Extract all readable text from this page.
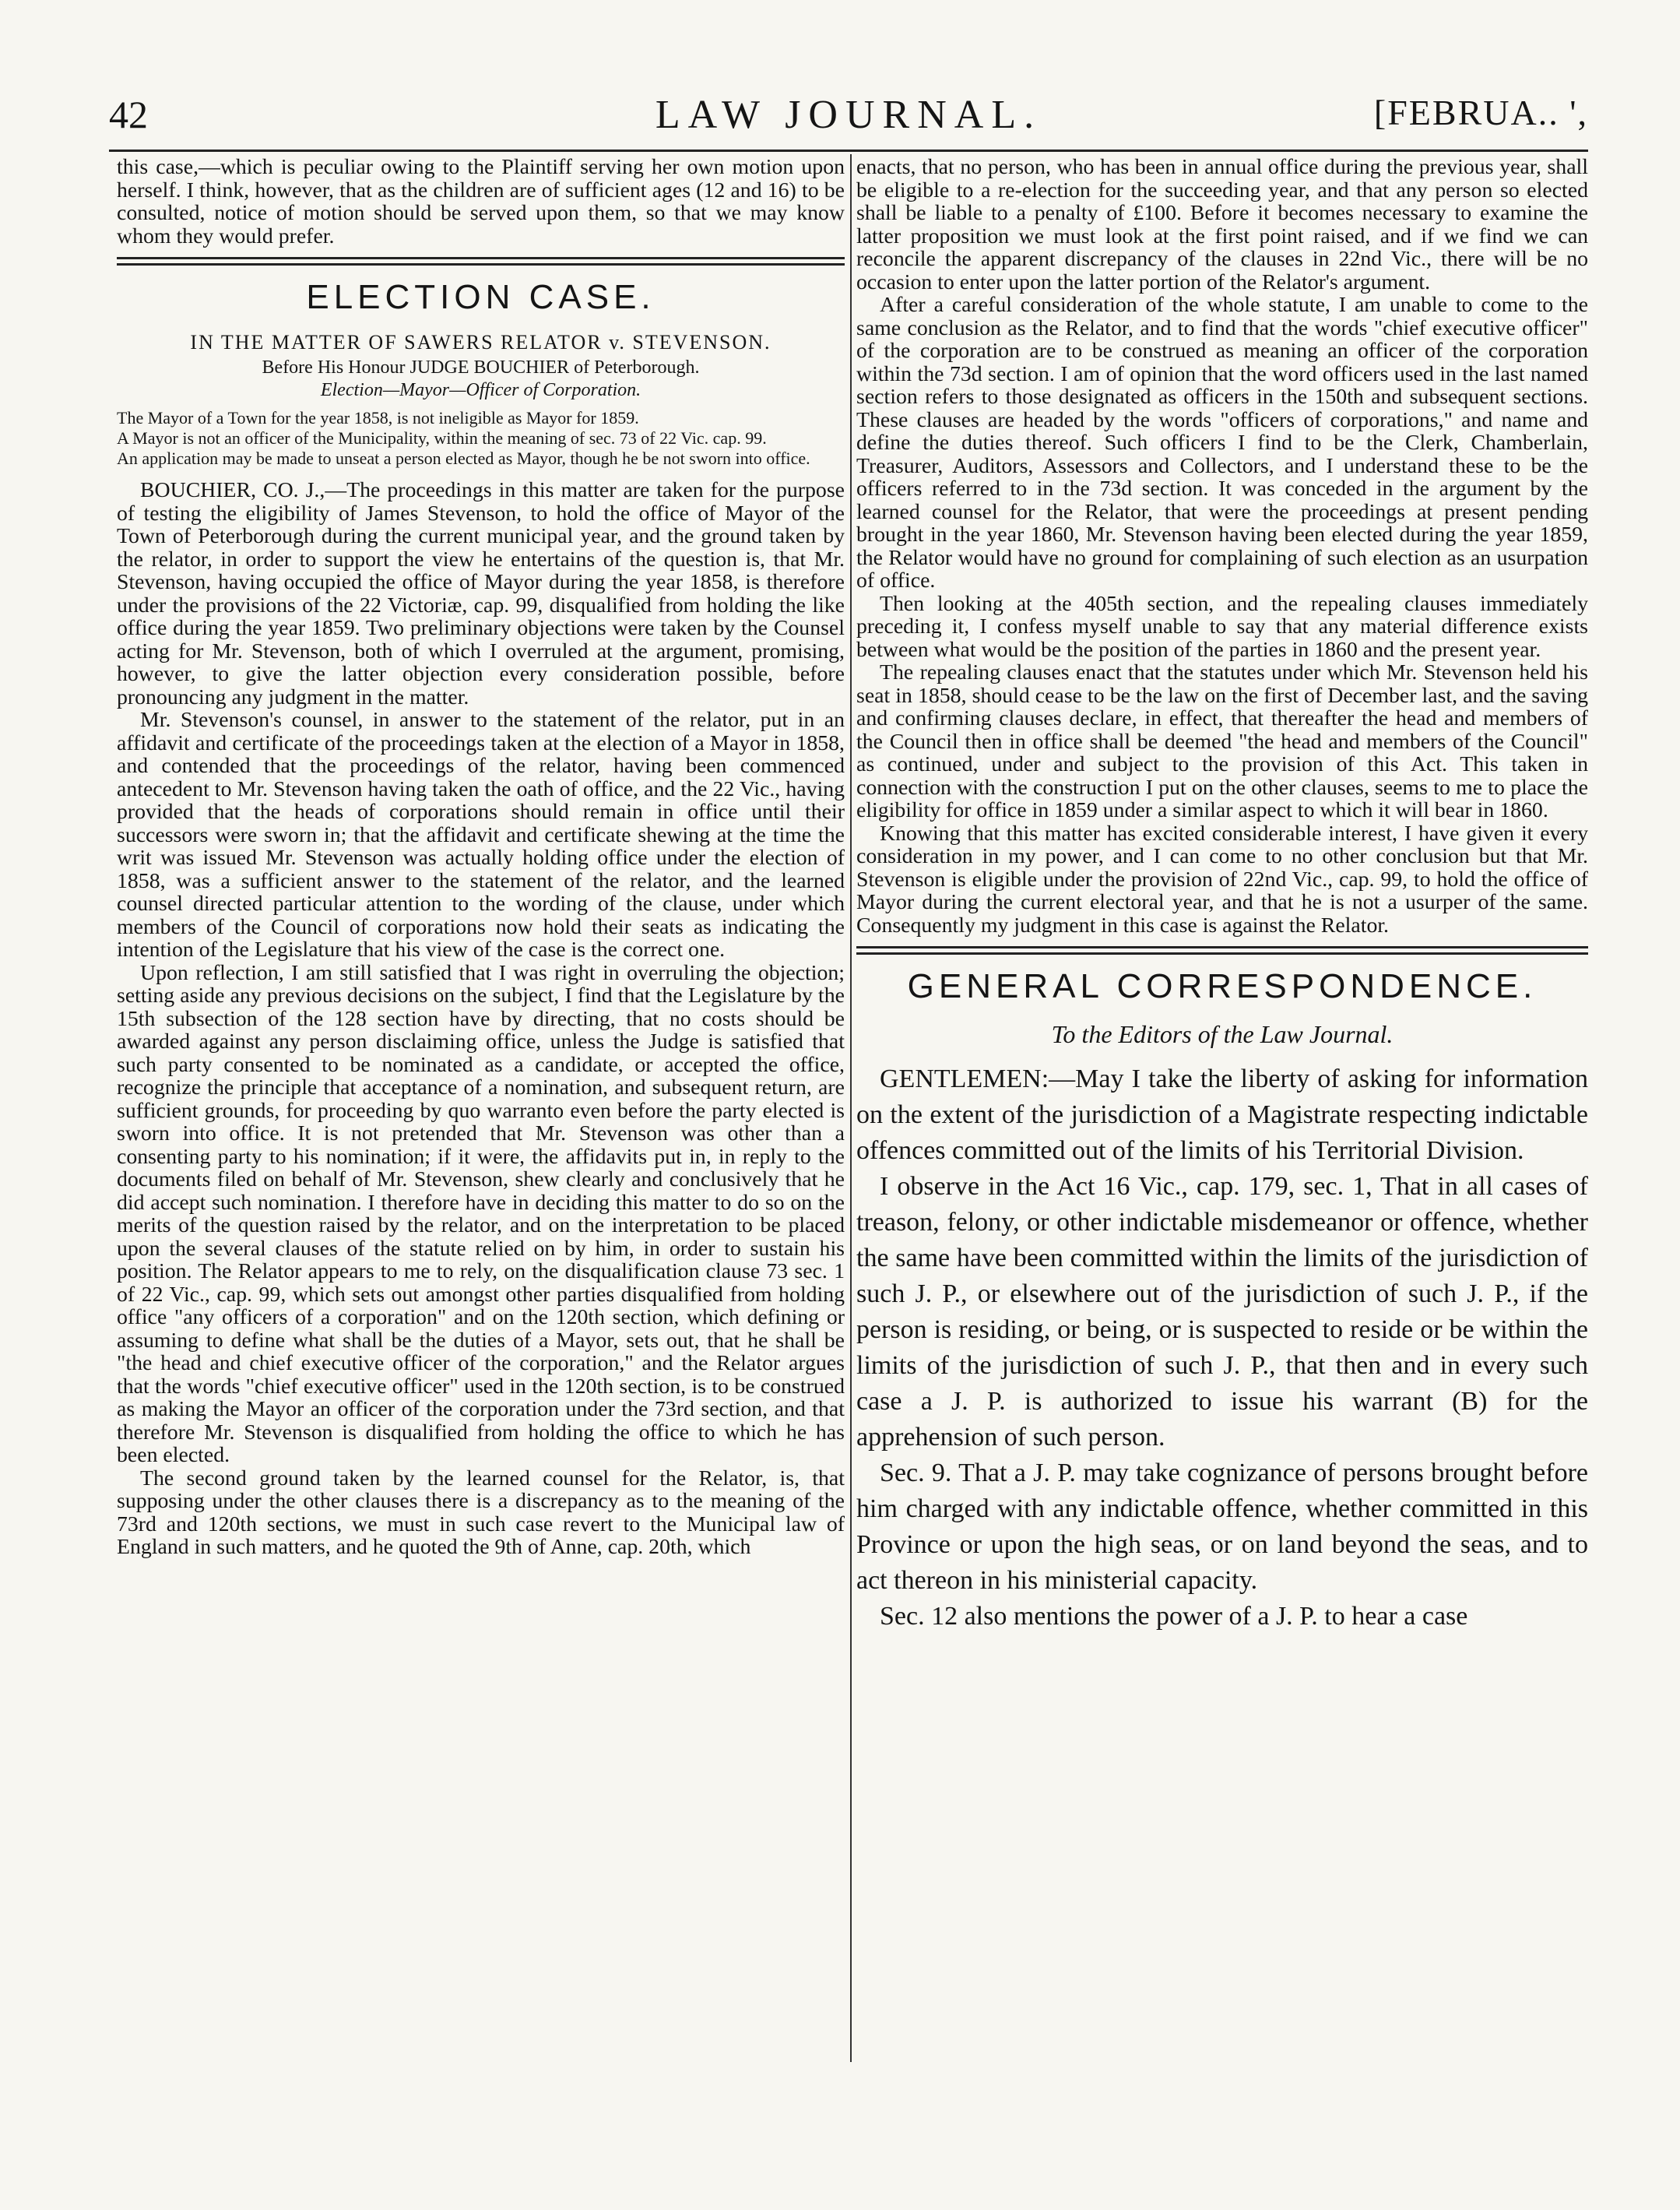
42	LAW JOURNAL.	[FEBRUA.. ',

this case,—which is peculiar owing to the Plaintiff serving her own motion upon herself. I think, however, that as the children are of sufficient ages (12 and 16) to be consulted, notice of motion should be served upon them, so that we may know whom they would prefer.

ELECTION CASE.
IN THE MATTER OF SAWERS RELATOR v. STEVENSON.
Before His Honour JUDGE BOUCHIER of Peterborough.
Election—Mayor—Officer of Corporation.

The Mayor of a Town for the year 1858, is not ineligible as Mayor for 1859.

A Mayor is not an officer of the Municipality, within the meaning of sec. 73 of 22 Vic. cap. 99.

An application may be made to unseat a person elected as Mayor, though he be not sworn into office.

BOUCHIER, CO. J.,—The proceedings in this matter are taken for the purpose of testing the eligibility of James Stevenson, to hold the office of Mayor of the Town of Peterborough during the current municipal year, and the ground taken by the relator, in order to support the view he entertains of the question is, that Mr. Stevenson, having occupied the office of Mayor during the year 1858, is therefore under the provisions of the 22 Victoriæ, cap. 99, disqualified from holding the like office during the year 1859. Two preliminary objections were taken by the Counsel acting for Mr. Stevenson, both of which I overruled at the argument, promising, however, to give the latter objection every consideration possible, before pronouncing any judgment in the matter.

Mr. Stevenson's counsel, in answer to the statement of the relator, put in an affidavit and certificate of the proceedings taken at the election of a Mayor in 1858, and contended that the proceedings of the relator, having been commenced antecedent to Mr. Stevenson having taken the oath of office, and the 22 Vic., having provided that the heads of corporations should remain in office until their successors were sworn in; that the affidavit and certificate shewing at the time the writ was issued Mr. Stevenson was actually holding office under the election of 1858, was a sufficient answer to the statement of the relator, and the learned counsel directed particular attention to the wording of the clause, under which members of the Council of corporations now hold their seats as indicating the intention of the Legislature that his view of the case is the correct one.

Upon reflection, I am still satisfied that I was right in overruling the objection; setting aside any previous decisions on the subject, I find that the Legislature by the 15th subsection of the 128 section have by directing, that no costs should be awarded against any person disclaiming office, unless the Judge is satisfied that such party consented to be nominated as a candidate, or accepted the office, recognize the principle that acceptance of a nomination, and subsequent return, are sufficient grounds, for proceeding by quo warranto even before the party elected is sworn into office. It is not pretended that Mr. Stevenson was other than a consenting party to his nomination; if it were, the affidavits put in, in reply to the documents filed on behalf of Mr. Stevenson, shew clearly and conclusively that he did accept such nomination. I therefore have in deciding this matter to do so on the merits of the question raised by the relator, and on the interpretation to be placed upon the several clauses of the statute relied on by him, in order to sustain his position. The Relator appears to me to rely, on the disqualification clause 73 sec. 1 of 22 Vic., cap. 99, which sets out amongst other parties disqualified from holding office "any officers of a corporation" and on the 120th section, which defining or assuming to define what shall be the duties of a Mayor, sets out, that he shall be "the head and chief executive officer of the corporation," and the Relator argues that the words "chief executive officer" used in the 120th section, is to be construed as making the Mayor an officer of the corporation under the 73rd section, and that therefore Mr. Stevenson is disqualified from holding the office to which he has been elected.

The second ground taken by the learned counsel for the Relator, is, that supposing under the other clauses there is a discrepancy as to the meaning of the 73rd and 120th sections, we must in such case revert to the Municipal law of England in such matters, and he quoted the 9th of Anne, cap. 20th, which

enacts, that no person, who has been in annual office during the previous year, shall be eligible to a re-election for the succeeding year, and that any person so elected shall be liable to a penalty of £100. Before it becomes necessary to examine the latter proposition we must look at the first point raised, and if we find we can reconcile the apparent discrepancy of the clauses in 22nd Vic., there will be no occasion to enter upon the latter portion of the Relator's argument.

After a careful consideration of the whole statute, I am unable to come to the same conclusion as the Relator, and to find that the words "chief executive officer" of the corporation are to be construed as meaning an officer of the corporation within the 73d section. I am of opinion that the word officers used in the last named section refers to those designated as officers in the 150th and subsequent sections. These clauses are headed by the words "officers of corporations," and name and define the duties thereof. Such officers I find to be the Clerk, Chamberlain, Treasurer, Auditors, Assessors and Collectors, and I understand these to be the officers referred to in the 73d section. It was conceded in the argument by the learned counsel for the Relator, that were the proceedings at present pending brought in the year 1860, Mr. Stevenson having been elected during the year 1859, the Relator would have no ground for complaining of such election as an usurpation of office.

Then looking at the 405th section, and the repealing clauses immediately preceding it, I confess myself unable to say that any material difference exists between what would be the position of the parties in 1860 and the present year.

The repealing clauses enact that the statutes under which Mr. Stevenson held his seat in 1858, should cease to be the law on the first of December last, and the saving and confirming clauses declare, in effect, that thereafter the head and members of the Council then in office shall be deemed "the head and members of the Council" as continued, under and subject to the provision of this Act. This taken in connection with the construction I put on the other clauses, seems to me to place the eligibility for office in 1859 under a similar aspect to which it will bear in 1860.

Knowing that this matter has excited considerable interest, I have given it every consideration in my power, and I can come to no other conclusion but that Mr. Stevenson is eligible under the provision of 22nd Vic., cap. 99, to hold the office of Mayor during the current electoral year, and that he is not a usurper of the same. Consequently my judgment in this case is against the Relator.

GENERAL CORRESPONDENCE.
To the Editors of the Law Journal.

GENTLEMEN:—May I take the liberty of asking for information on the extent of the jurisdiction of a Magistrate respecting indictable offences committed out of the limits of his Territorial Division.

I observe in the Act 16 Vic., cap. 179, sec. 1, That in all cases of treason, felony, or other indictable misdemeanor or offence, whether the same have been committed within the limits of the jurisdiction of such J. P., or elsewhere out of the jurisdiction of such J. P., if the person is residing, or being, or is suspected to reside or be within the limits of the jurisdiction of such J. P., that then and in every such case a J. P. is authorized to issue his warrant (B) for the apprehension of such person.

Sec. 9. That a J. P. may take cognizance of persons brought before him charged with any indictable offence, whether committed in this Province or upon the high seas, or on land beyond the seas, and to act thereon in his ministerial capacity.

Sec. 12 also mentions the power of a J. P. to hear a case
